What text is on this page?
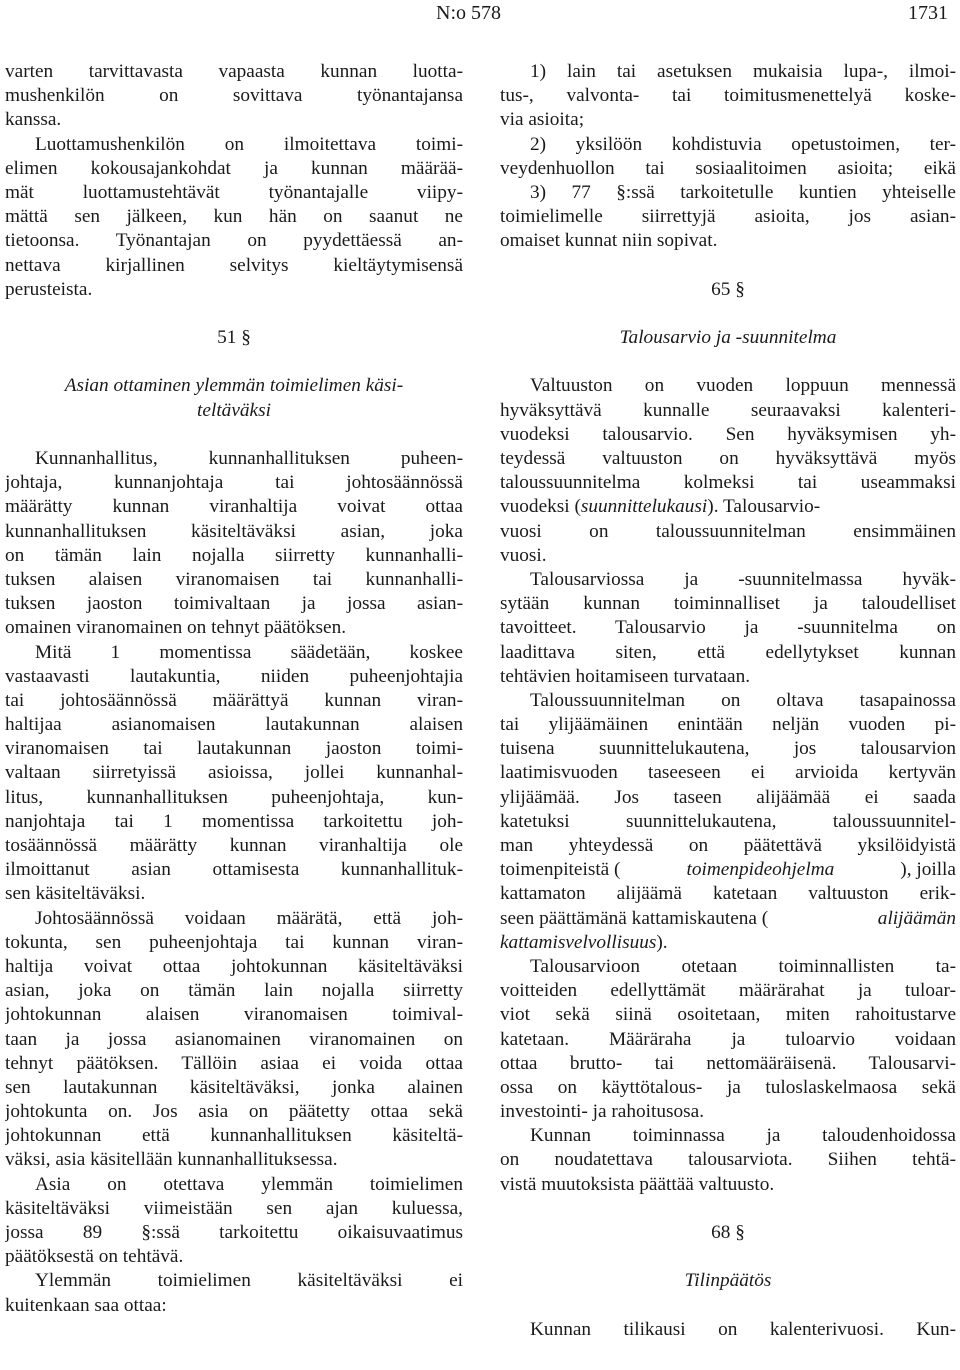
N:o 578	1731
varten tarvittavasta vapaasta kunnan luotta-
mushenkilön on sovittava työnantajansa
kanssa.
Luottamushenkilön on ilmoitettava toimi-
elimen kokousajankohdat ja kunnan määrää-
mät luottamustehtävät työnantajalle viipy-
mättä sen jälkeen, kun hän on saanut ne
tietoonsa. Työnantajan on pyydettäessä an-
nettava kirjallinen selvitys kieltäytymisensä
perusteista.
51 §
Asian ottaminen ylemmän toimielimen käsi-
teltäväksi
Kunnanhallitus, kunnanhallituksen puheen-
johtaja, kunnanjohtaja tai johtosäännössä
määrätty kunnan viranhaltija voivat ottaa
kunnanhallituksen käsiteltäväksi asian, joka
on tämän lain nojalla siirretty kunnanhalli-
tuksen alaisen viranomaisen tai kunnanhalli-
tuksen jaoston toimivaltaan ja jossa asian-
omainen viranomainen on tehnyt päätöksen.
Mitä 1 momentissa säädetään, koskee
vastaavasti lautakuntia, niiden puheenjohtajia
tai johtosäännössä määrättyä kunnan viran-
haltijaa asianomaisen lautakunnan alaisen
viranomaisen tai lautakunnan jaoston toimi-
valtaan siirretyissä asioissa, jollei kunnanhal-
litus, kunnanhallituksen puheenjohtaja, kun-
nanjohtaja tai 1 momentissa tarkoitettu joh-
tosäännössä määrätty kunnan viranhaltija ole
ilmoittanut asian ottamisesta kunnanhallituk-
sen käsiteltäväksi.
Johtosäännössä voidaan määrätä, että joh-
tokunta, sen puheenjohtaja tai kunnan viran-
haltija voivat ottaa johtokunnan käsiteltäväksi
asian, joka on tämän lain nojalla siirretty
johtokunnan alaisen viranomaisen toimival-
taan ja jossa asianomainen viranomainen on
tehnyt päätöksen. Tällöin asiaa ei voida ottaa
sen lautakunnan käsiteltäväksi, jonka alainen
johtokunta on. Jos asia on päätetty ottaa sekä
johtokunnan että kunnanhallituksen käsiteltä-
väksi, asia käsitellään kunnanhallituksessa.
Asia on otettava ylemmän toimielimen
käsiteltäväksi viimeistään sen ajan kuluessa,
jossa 89 §:ssä tarkoitettu oikaisuvaatimus
päätöksestä on tehtävä.
Ylemmän toimielimen käsiteltäväksi ei
kuitenkaan saa ottaa:
1) lain tai asetuksen mukaisia lupa-, ilmoi-
tus-, valvonta- tai toimitusmenettelyä koske-
via asioita;
2) yksilöön kohdistuvia opetustoimen, ter-
veydenhuollon tai sosiaalitoimen asioita; eikä
3) 77 §:ssä tarkoitetulle kuntien yhteiselle
toimielimelle siirrettyjä asioita, jos asian-
omaiset kunnat niin sopivat.
65 §
Talousarvio ja -suunnitelma
Valtuuston on vuoden loppuun mennessä
hyväksyttävä kunnalle seuraavaksi kalenteri-
vuodeksi talousarvio. Sen hyväksymisen yh-
teydessä valtuuston on hyväksyttävä myös
taloussuunnitelma kolmeksi tai useammaksi
vuodeksi (suunnittelukausi). Talousarvio-
vuosi on taloussuunnitelman ensimmäinen
vuosi.
Talousarviossa ja -suunnitelmassa hyväk-
sytään kunnan toiminnalliset ja taloudelliset
tavoitteet. Talousarvio ja -suunnitelma on
laadittava siten, että edellytykset kunnan
tehtävien hoitamiseen turvataan.
Taloussuunnitelman on oltava tasapainossa
tai ylijäämäinen enintään neljän vuoden pi-
tuisena suunnittelukautena, jos talousarvion
laatimisvuoden taseeseen ei arvioida kertyvän
ylijäämää. Jos taseen alijäämää ei saada
katetuksi suunnittelukautena, taloussuunnitel-
man yhteydessä on päätettävä yksilöidyistä
toimenpiteistä (	toimenpideohjelma	), joilla
kattamaton alijäämä katetaan valtuuston erik-
seen päättämänä kattamiskautena (	alijäämän
kattamisvelvollisuus).
Talousarvioon otetaan toiminnallisten ta-
voitteiden edellyttämät määrärahat ja tuloar-
viot sekä siinä osoitetaan, miten rahoitustarve
katetaan. Määräraha ja tuloarvio voidaan
ottaa brutto- tai nettomääräisenä. Talousarvi-
ossa on käyttötalous- ja tuloslaskelmaosa sekä
investointi- ja rahoitusosa.
Kunnan toiminnassa ja taloudenhoidossa
on noudatettava talousarviota. Siihen tehtä-
vistä muutoksista päättää valtuusto.
68 §
Tilinpäätös
Kunnan tilikausi on kalenterivuosi. Kun-
